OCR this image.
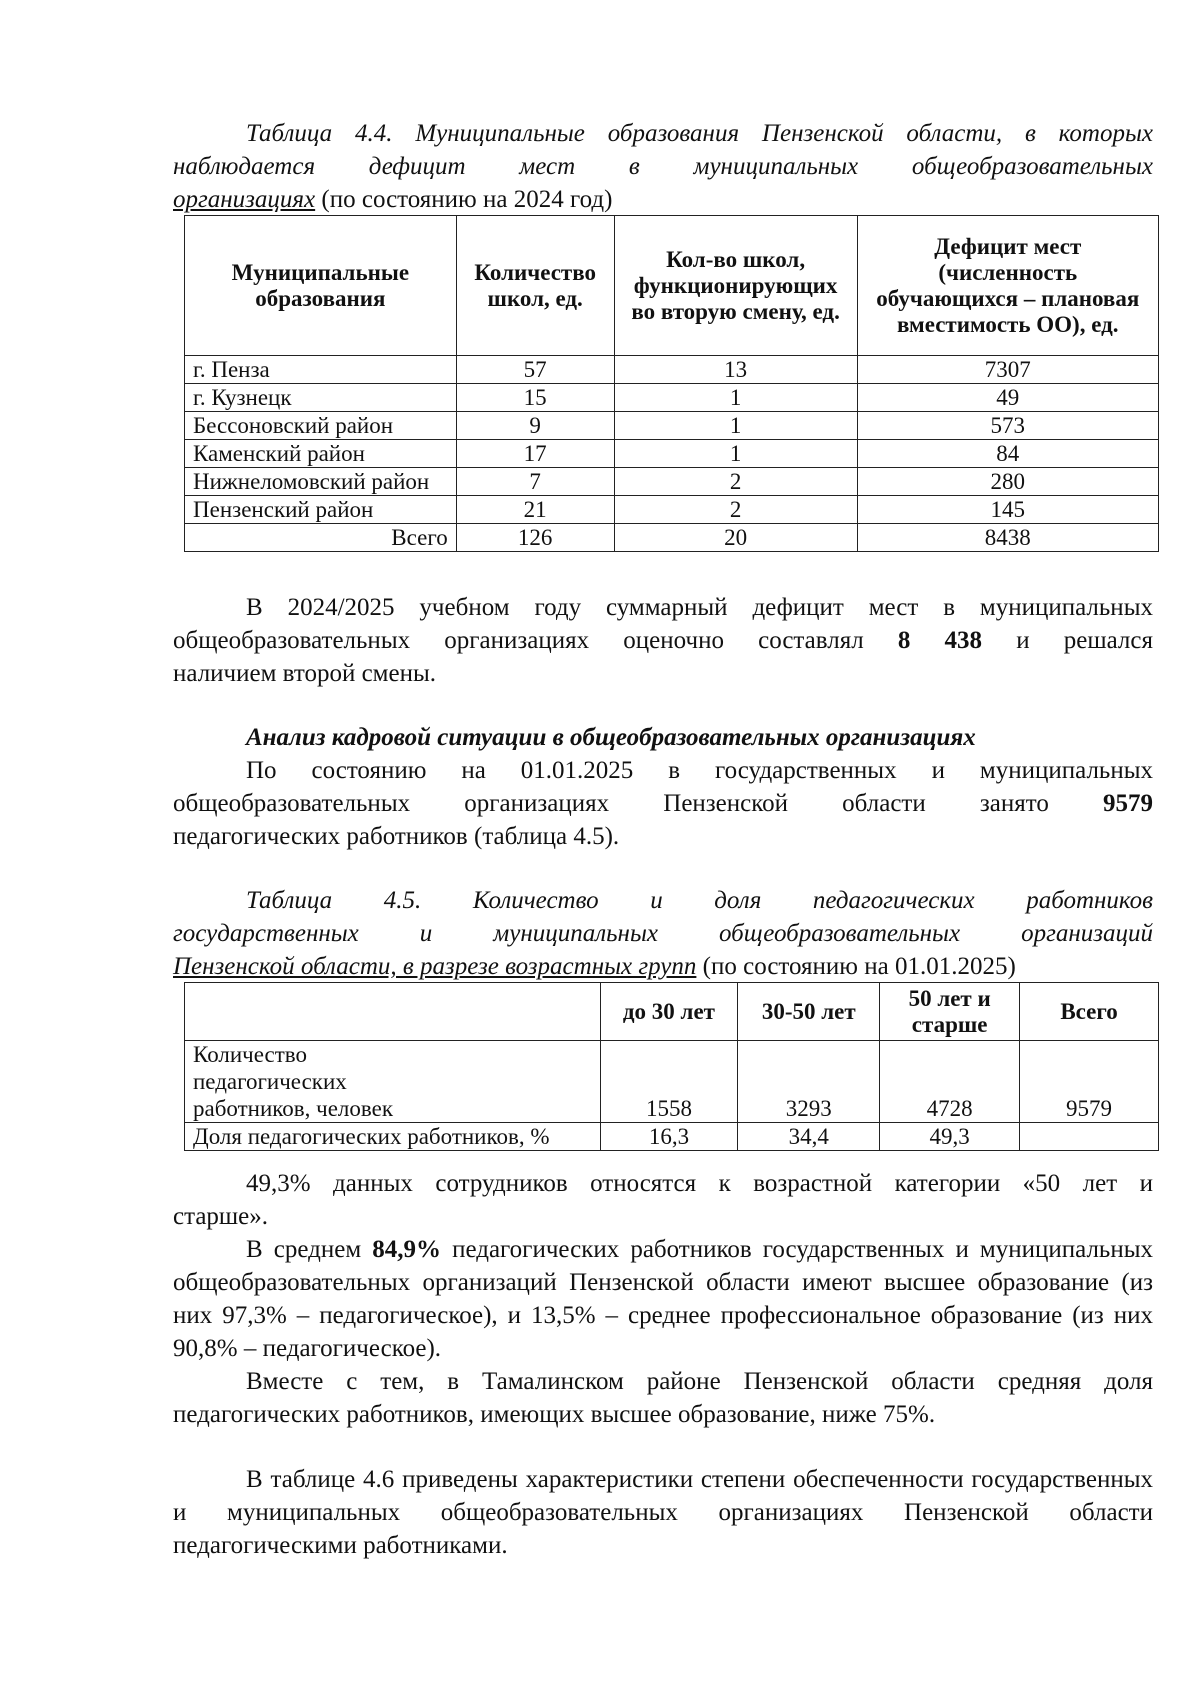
Таблица 4.4. Муниципальные образования Пензенской области, в которых

наблюдается дефицит мест в муниципальных общеобразовательных

организациях (по состоянию на 2024 год)

Муниципальные образования	Количество школ, ед.	Кол-во школ, функционирующих во вторую смену, ед.	Дефицит мест (численность обучающихся – плановая вместимость ОО), ед.
г. Пенза	57	13	7307
г. Кузнецк	15	1	49
Бессоновский район	9	1	573
Каменский район	17	1	84
Нижнеломовский район	7	2	280
Пензенский район	21	2	145
Всего	126	20	8438

В 2024/2025 учебном году суммарный дефицит мест в муниципальных

общеобразовательных организациях оценочно составлял 8 438 и решался

наличием второй смены.

Анализ кадровой ситуации в общеобразовательных организациях

По состоянию на 01.01.2025 в государственных и муниципальных

общеобразовательных организациях Пензенской области занято 9579

педагогических работников (таблица 4.5).

Таблица 4.5. Количество и доля педагогических работников

государственных и муниципальных общеобразовательных организаций

Пензенской области, в разрезе возрастных групп (по состоянию на 01.01.2025)

	до 30 лет	30-50 лет	50 лет и старше	Всего

Количество педагогических
работников, человек	1558	3293	4728	9579
Доля педагогических работников, %	16,3	34,4	49,3	

49,3% данных сотрудников относятся к возрастной категории «50 лет и

старше».

В среднем 84,9% педагогических работников государственных и муниципальных общеобразовательных организаций Пензенской области имеют высшее образование (из них 97,3% – педагогическое), и 13,5% – среднее профессиональное образование (из них 90,8% – педагогическое).

Вместе с тем, в Тамалинском районе Пензенской области средняя доля педагогических работников, имеющих высшее образование, ниже 75%.

В таблице 4.6 приведены характеристики степени обеспеченности государственных и муниципальных общеобразовательных организациях Пензенской области педагогическими работниками.
